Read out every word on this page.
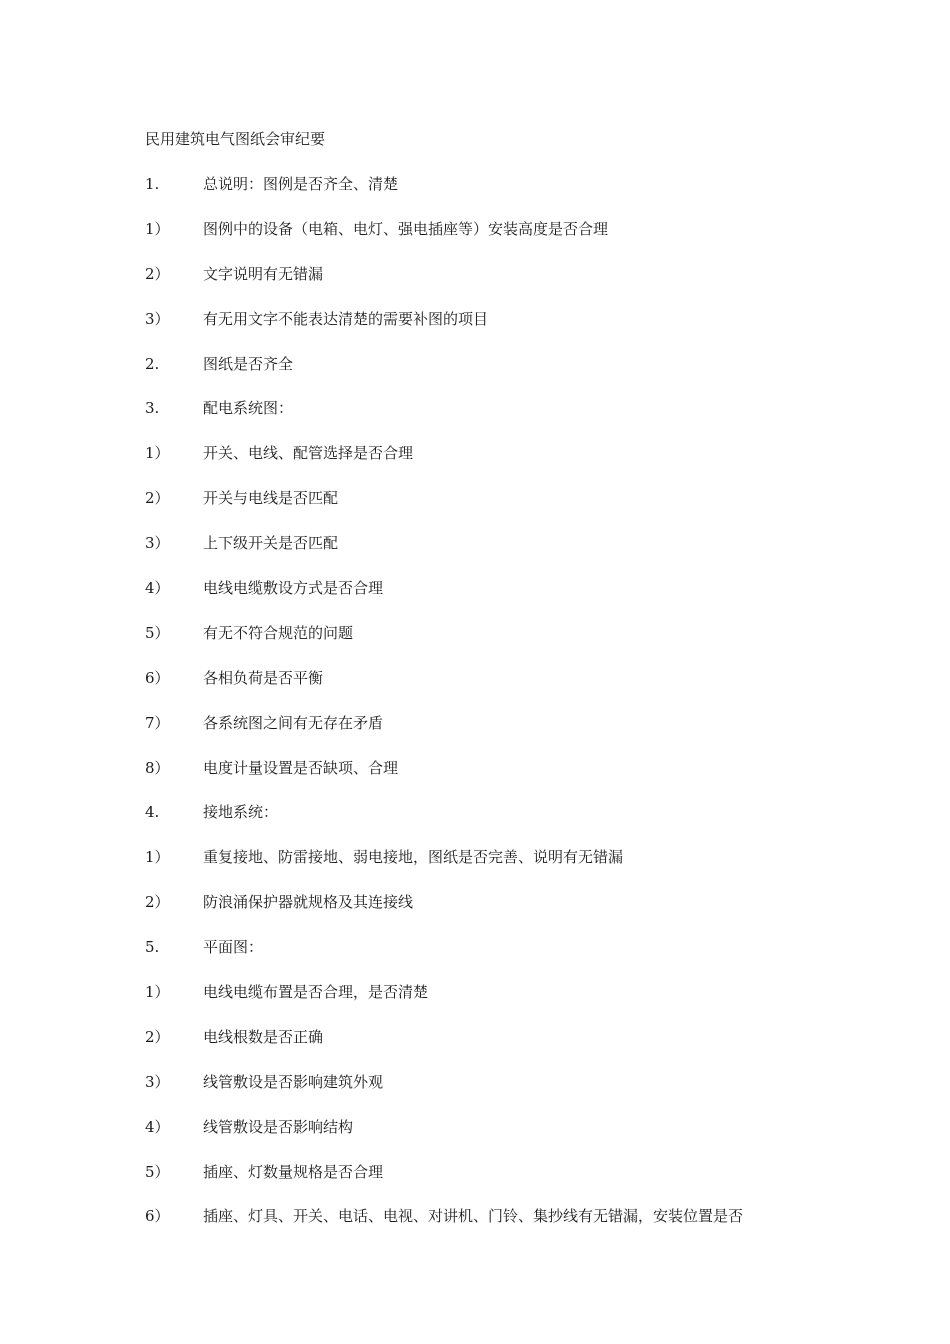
民用建筑电气图纸会审纪要
1.	总说明：图例是否齐全、清楚
1）	图例中的设备（电箱、电灯、强电插座等）安装高度是否合理
2）	文字说明有无错漏
3）	有无用文字不能表达清楚的需要补图的项目
2.	图纸是否齐全
3.	配电系统图：
1）	开关、电线、配管选择是否合理
2）	开关与电线是否匹配
3）	上下级开关是否匹配
4）	电线电缆敷设方式是否合理
5）	有无不符合规范的问题
6）	各相负荷是否平衡
7）	各系统图之间有无存在矛盾
8）	电度计量设置是否缺项、合理
4.	接地系统：
1）	重复接地、防雷接地、弱电接地，图纸是否完善、说明有无错漏
2）	防浪涌保护器就规格及其连接线
5.	平面图：
1）	电线电缆布置是否合理，是否清楚
2）	电线根数是否正确
3）	线管敷设是否影响建筑外观
4）	线管敷设是否影响结构
5）	插座、灯数量规格是否合理
6）	插座、灯具、开关、电话、电视、对讲机、门铃、集抄线有无错漏，安装位置是否
